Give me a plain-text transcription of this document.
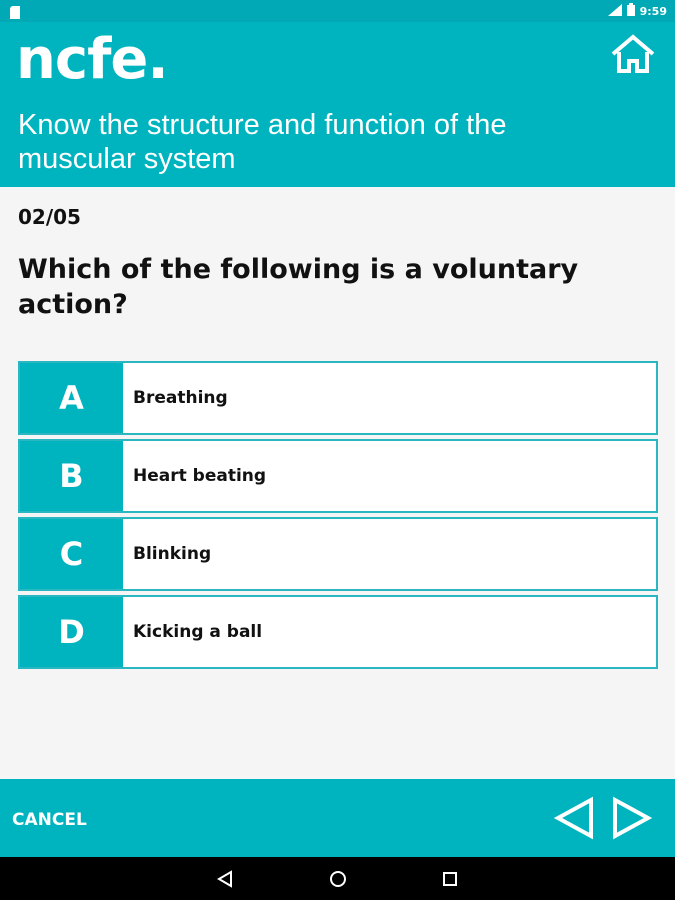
9:59
ncfe.
Know the structure and function of the muscular system
02/05
Which of the following is a voluntary action?
A	Breathing
B	Heart beating
C	Blinking
D	Kicking a ball
CANCEL
